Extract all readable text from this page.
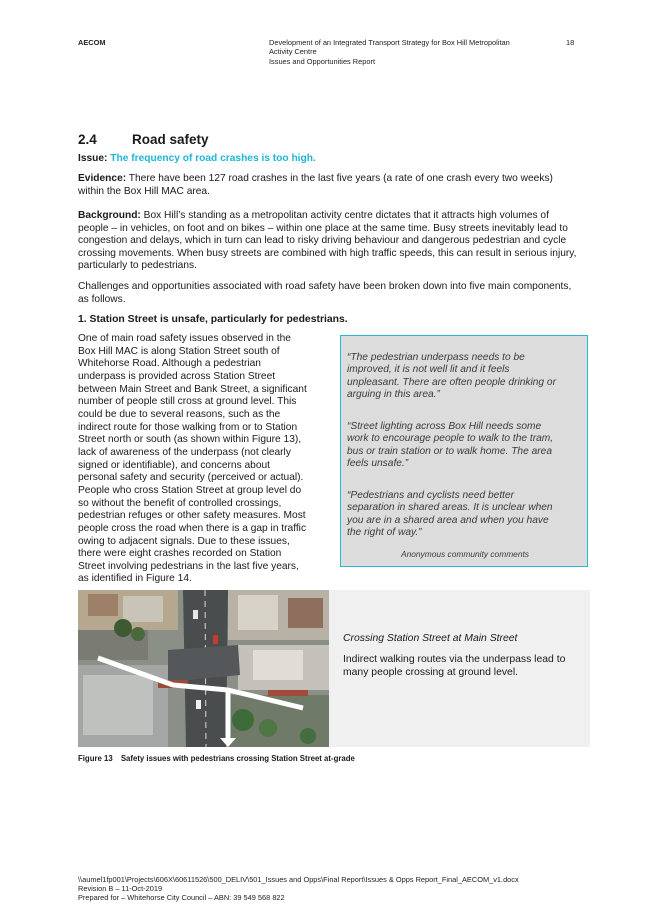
AECOM	Development of an Integrated Transport Strategy for Box Hill Metropolitan
Activity Centre
Issues and Opportunities Report
18
2.4	Road safety
Issue: The frequency of road crashes is too high.
Evidence: There have been 127 road crashes in the last five years (a rate of one crash every two weeks) within the Box Hill MAC area.
Background: Box Hill’s standing as a metropolitan activity centre dictates that it attracts high volumes of people – in vehicles, on foot and on bikes – within one place at the same time. Busy streets inevitably lead to congestion and delays, which in turn can lead to risky driving behaviour and dangerous pedestrian and cycle crossing movements. When busy streets are combined with high traffic speeds, this can result in serious injury, particularly to pedestrians.
Challenges and opportunities associated with road safety have been broken down into five main components, as follows.
1. Station Street is unsafe, particularly for pedestrians.
One of main road safety issues observed in the
Box Hill MAC is along Station Street south of
Whitehorse Road. Although a pedestrian
underpass is provided across Station Street
between Main Street and Bank Street, a significant
number of people still cross at ground level. This
could be due to several reasons, such as the
indirect route for those walking from or to Station
Street north or south (as shown within Figure 13),
lack of awareness of the underpass (not clearly
signed or identifiable), and concerns about
personal safety and security (perceived or actual).
People who cross Station Street at group level do
so without the benefit of controlled crossings,
pedestrian refuges or other safety measures. Most
people cross the road when there is a gap in traffic
owing to adjacent signals. Due to these issues,
there were eight crashes recorded on Station
Street involving pedestrians in the last five years,
as identified in Figure 14.
“The pedestrian underpass needs to be
improved, it is not well lit and it feels
unpleasant. There are often people drinking or
arguing in this area.”
“Street lighting across Box Hill needs some
work to encourage people to walk to the tram,
bus or train station or to walk home. The area
feels unsafe.”
“Pedestrians and cyclists need better
separation in shared areas. It is unclear when
you are in a shared area and when you have
the right of way.”
Anonymous community comments
Crossing Station Street at Main Street
Indirect walking routes via the underpass lead to
many people crossing at ground level.
Figure 13 Safety issues with pedestrians crossing Station Street at-grade
\\aumel1fp001\Projects\606X\60611526\500_DELIV\501_Issues and Opps\Final Report\Issues & Opps Report_Final_AECOM_v1.docx
Revision B – 11-Oct-2019
Prepared for – Whitehorse City Council – ABN: 39 549 568 822
